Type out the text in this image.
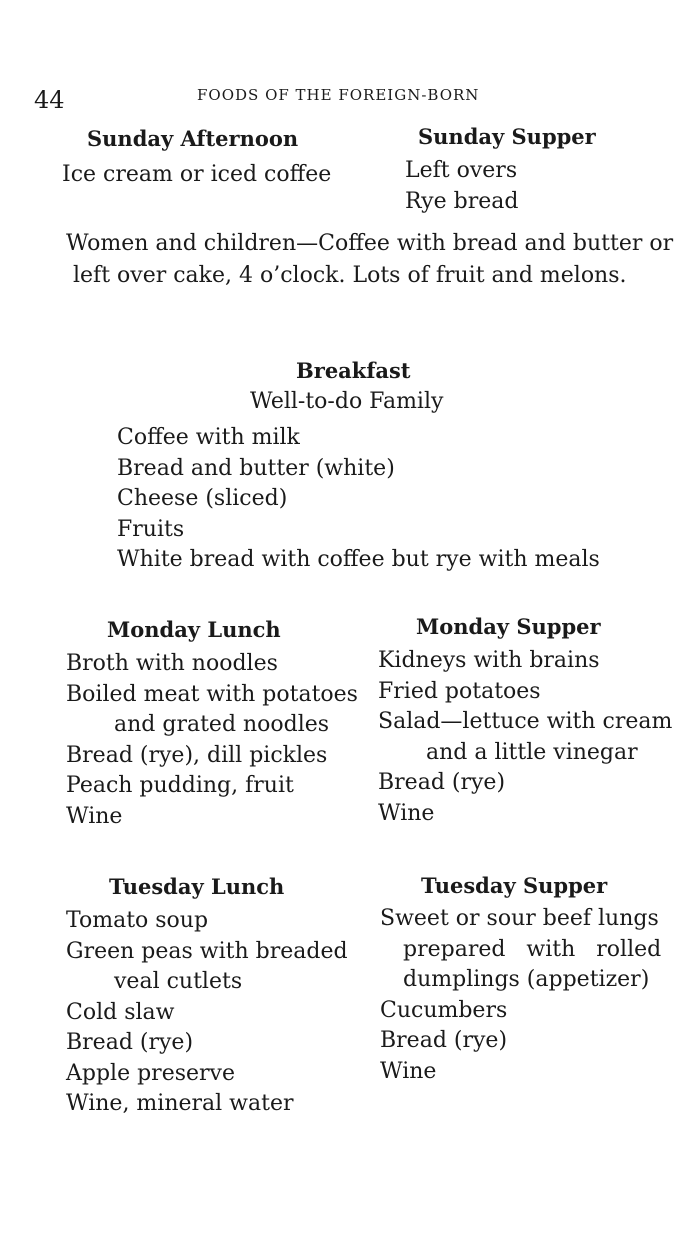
44	FOODS OF THE FOREIGN-BORN
Sunday Afternoon
Ice cream or iced coffee
Sunday Supper
Left overs
Rye bread
Women and children—Coffee with bread and butter or
left over cake, 4 o’clock. Lots of fruit and melons.
Breakfast
Well-to-do Family
Coffee with milk
Bread and butter (white)
Cheese (sliced)
Fruits
White bread with coffee but rye with meals
Monday Lunch
Broth with noodles
Boiled meat with potatoes
and grated noodles
Bread (rye), dill pickles
Peach pudding, fruit
Wine
Monday Supper
Kidneys with brains
Fried potatoes
Salad—lettuce with cream
and a little vinegar
Bread (rye)
Wine
Tuesday Lunch
Tomato soup
Green peas with breaded
veal cutlets
Cold slaw
Bread (rye)
Apple preserve
Wine, mineral water
Tuesday Supper
Sweet or sour beef lungs
prepared   with   rolled
dumplings (appetizer)
Cucumbers
Bread (rye)
Wine
